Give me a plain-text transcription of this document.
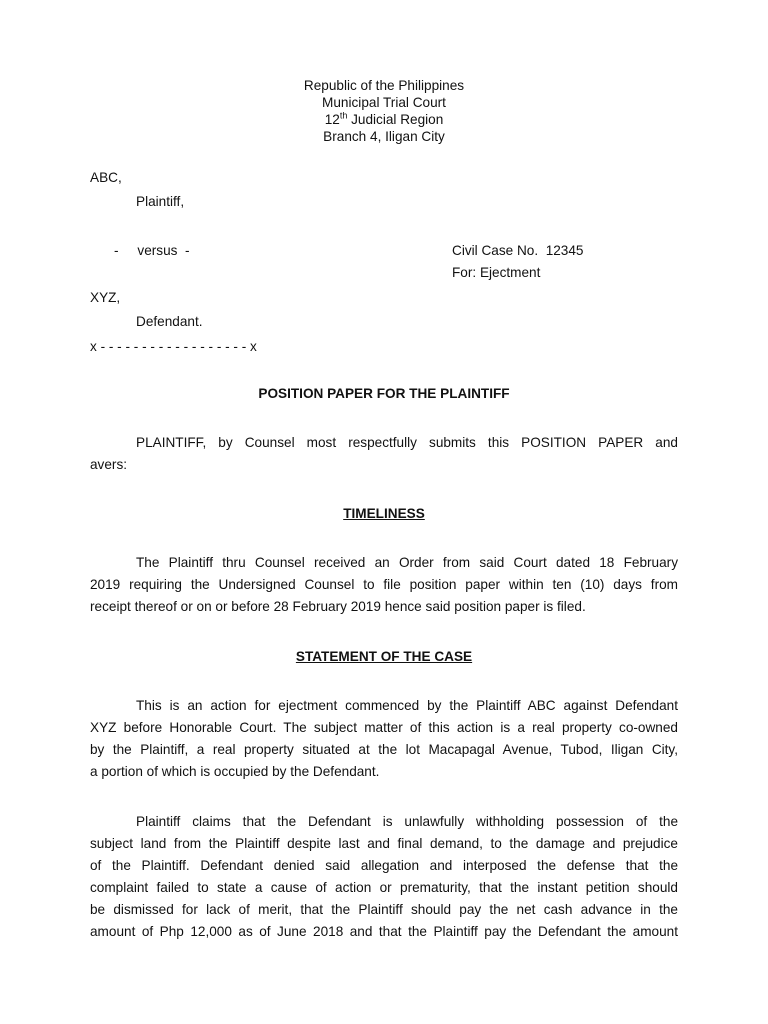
Republic of the Philippines
Municipal Trial Court
12th Judicial Region
Branch 4, Iligan City
ABC,
Plaintiff,
-     versus  -	Civil Case No. 12345
For: Ejectment
XYZ,
Defendant.
x - - - - - - - - - - - - - - - - - - x
POSITION PAPER FOR THE PLAINTIFF
PLAINTIFF, by Counsel most respectfully submits this POSITION PAPER and
avers:
TIMELINESS
The Plaintiff thru Counsel received an Order from said Court dated 18 February
2019 requiring the Undersigned Counsel to file position paper within ten (10) days from
receipt thereof or on or before 28 February 2019 hence said position paper is filed.
STATEMENT OF THE CASE
This is an action for ejectment commenced by the Plaintiff ABC against Defendant
XYZ before Honorable Court. The subject matter of this action is a real property co-owned
by the Plaintiff, a real property situated at the lot Macapagal Avenue, Tubod, Iligan City,
a portion of which is occupied by the Defendant.
Plaintiff claims that the Defendant is unlawfully withholding possession of the
subject land from the Plaintiff despite last and final demand, to the damage and prejudice
of the Plaintiff. Defendant denied said allegation and interposed the defense that the
complaint failed to state a cause of action or prematurity, that the instant petition should
be dismissed for lack of merit, that the Plaintiff should pay the net cash advance in the
amount of Php 12,000 as of June 2018 and that the Plaintiff pay the Defendant the amount
